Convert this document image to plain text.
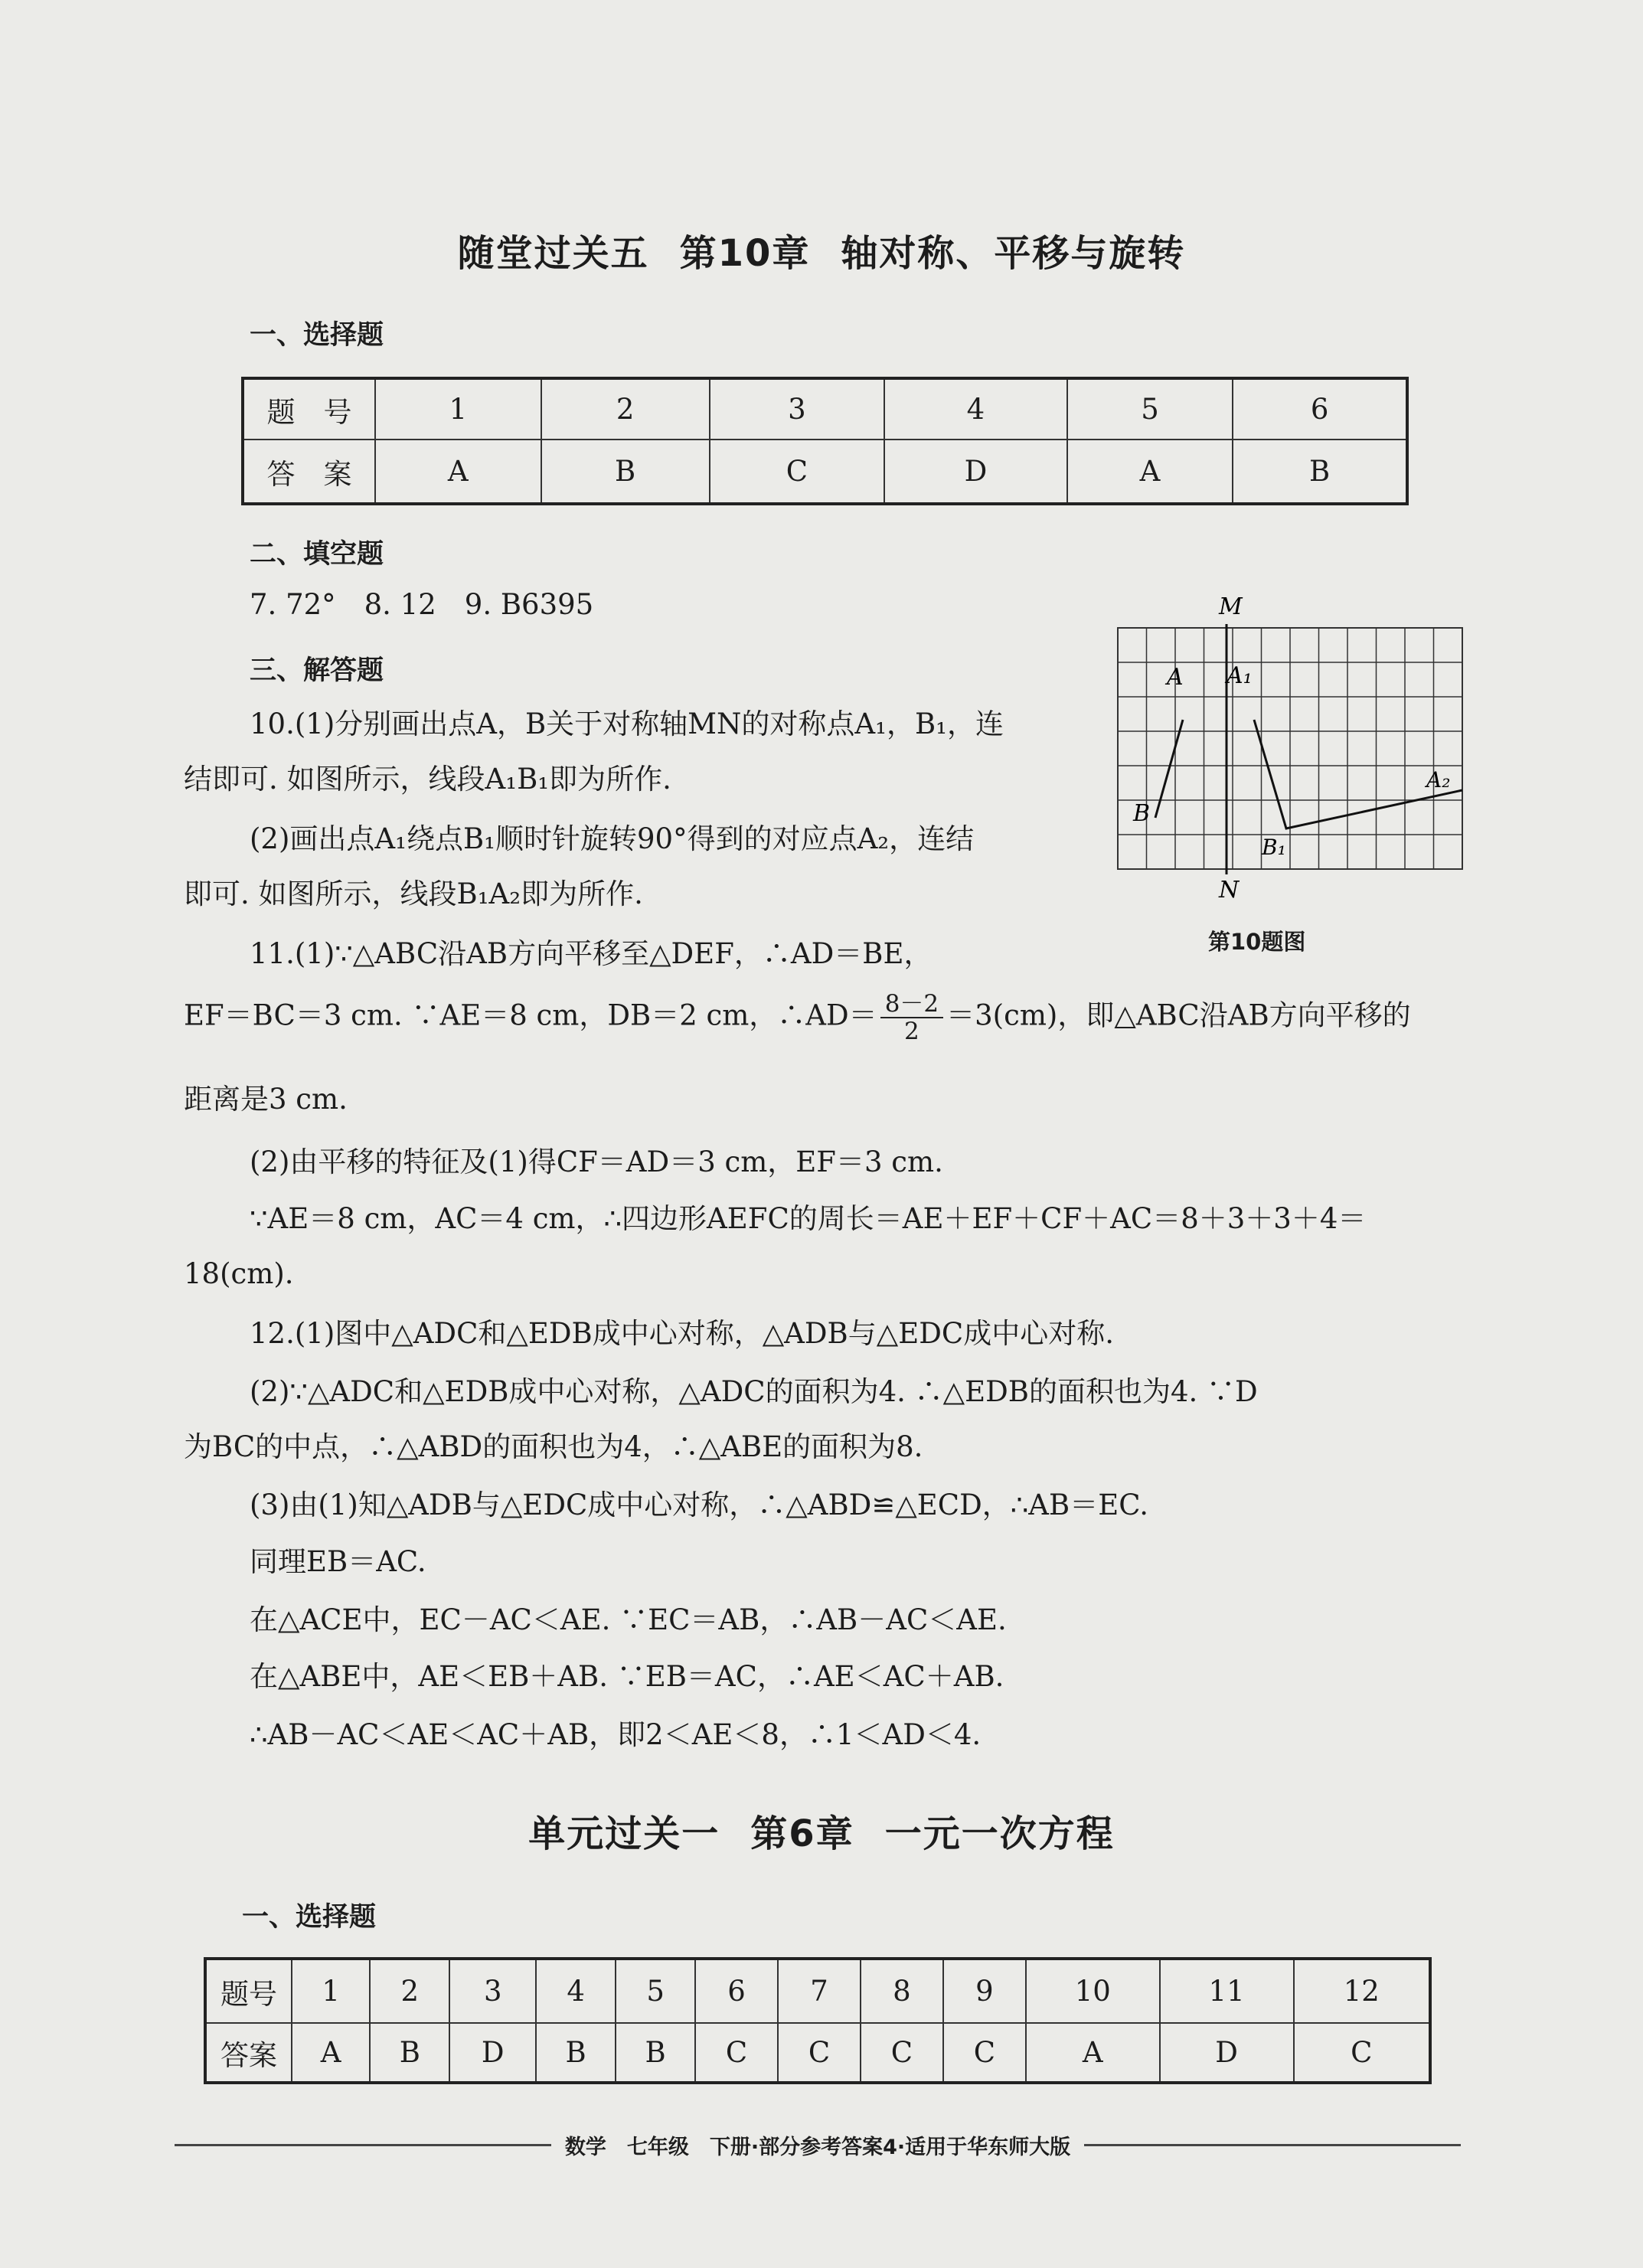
随堂过关五 第10章 轴对称、平移与旋转
一、选择题
题　号	1	2	3	4	5	6
答　案	A	B	C	D	A	B
二、填空题
7. 72°　8. 12　9. B6395
三、解答题
10.(1)分别画出点A，B关于对称轴MN的对称点A₁，B₁，连
结即可. 如图所示，线段A₁B₁即为所作.
(2)画出点A₁绕点B₁顺时针旋转90°得到的对应点A₂，连结
即可. 如图所示，线段B₁A₂即为所作.
M
N
A A₁
A₂
B
B₁
第10题图
11.(1)∵△ABC沿AB方向平移至△DEF，∴AD＝BE，
EF＝BC＝3 cm. ∵AE＝8 cm，DB＝2 cm，∴AD＝ $\frac{8-2}{2} =3(cm)$，即△ABC沿AB方向平移的
距离是3 cm.
(2)由平移的特征及(1)得CF＝AD＝3 cm，EF＝3 cm.
∵AE＝8 cm，AC＝4 cm，∴四边形AEFC的周长＝AE＋EF＋CF＋AC＝8＋3＋3＋4＝
18(cm).
12.(1)图中△ADC和△EDB成中心对称，△ADB与△EDC成中心对称.
(2)∵△ADC和△EDB成中心对称，△ADC的面积为4. ∴△EDB的面积也为4. ∵D
为BC的中点，∴△ABD的面积也为4，∴△ABE的面积为8.
(3)由(1)知△ADB与△EDC成中心对称，∴△ABD≌△ECD，∴AB＝EC.
同理EB＝AC.
在△ACE中，EC－AC＜AE. ∵EC＝AB，∴AB－AC＜AE.
在△ABE中，AE＜EB＋AB. ∵EB＝AC，∴AE＜AC＋AB.
∴AB－AC＜AE＜AC＋AB，即2＜AE＜8，∴1＜AD＜4.
单元过关一 第6章 一元一次方程
一、选择题
题号	1	2	3	4	5	6	7	8	9	10	11	12
答案	A	B	D	B	B	C	C	C	C	A	D	C
数学　七年级　下册·部分参考答案4·适用于华东师大版
